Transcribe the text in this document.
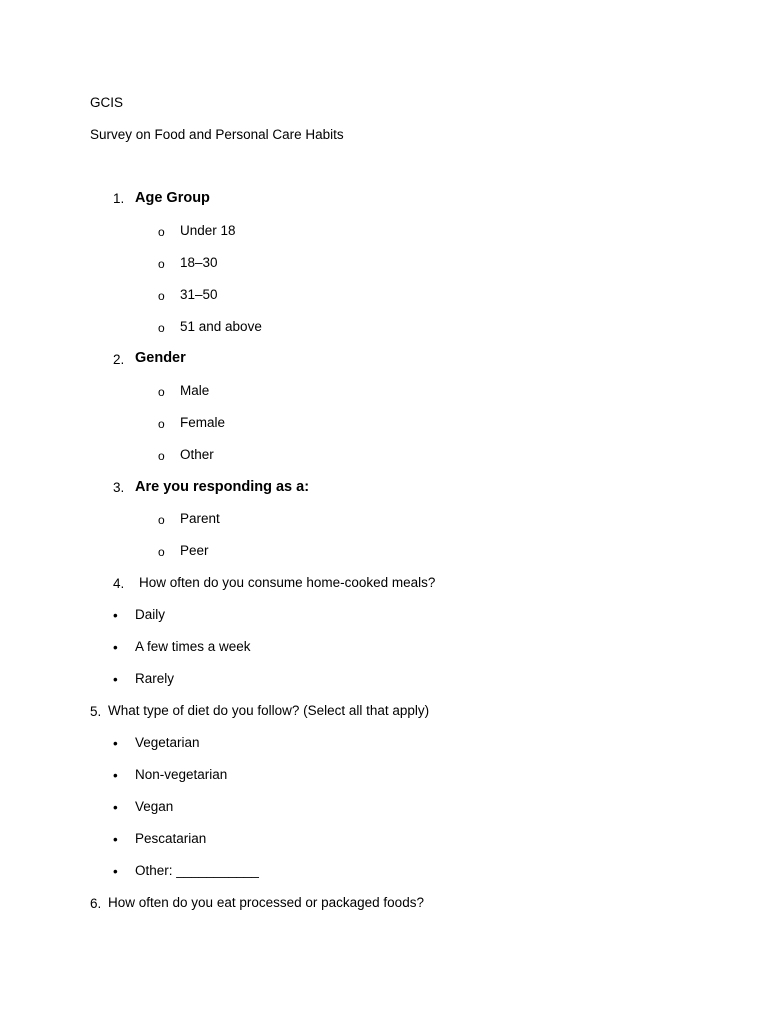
GCIS
Survey on Food and Personal Care Habits
1. Age Group
o Under 18
o 18–30
o 31–50
o 51 and above
2. Gender
o Male
o Female
o Other
3. Are you responding as a:
o Parent
o Peer
4. How often do you consume home-cooked meals?
• Daily
• A few times a week
• Rarely
5. What type of diet do you follow? (Select all that apply)
• Vegetarian
• Non-vegetarian
• Vegan
• Pescatarian
• Other: ___________
6. How often do you eat processed or packaged foods?
